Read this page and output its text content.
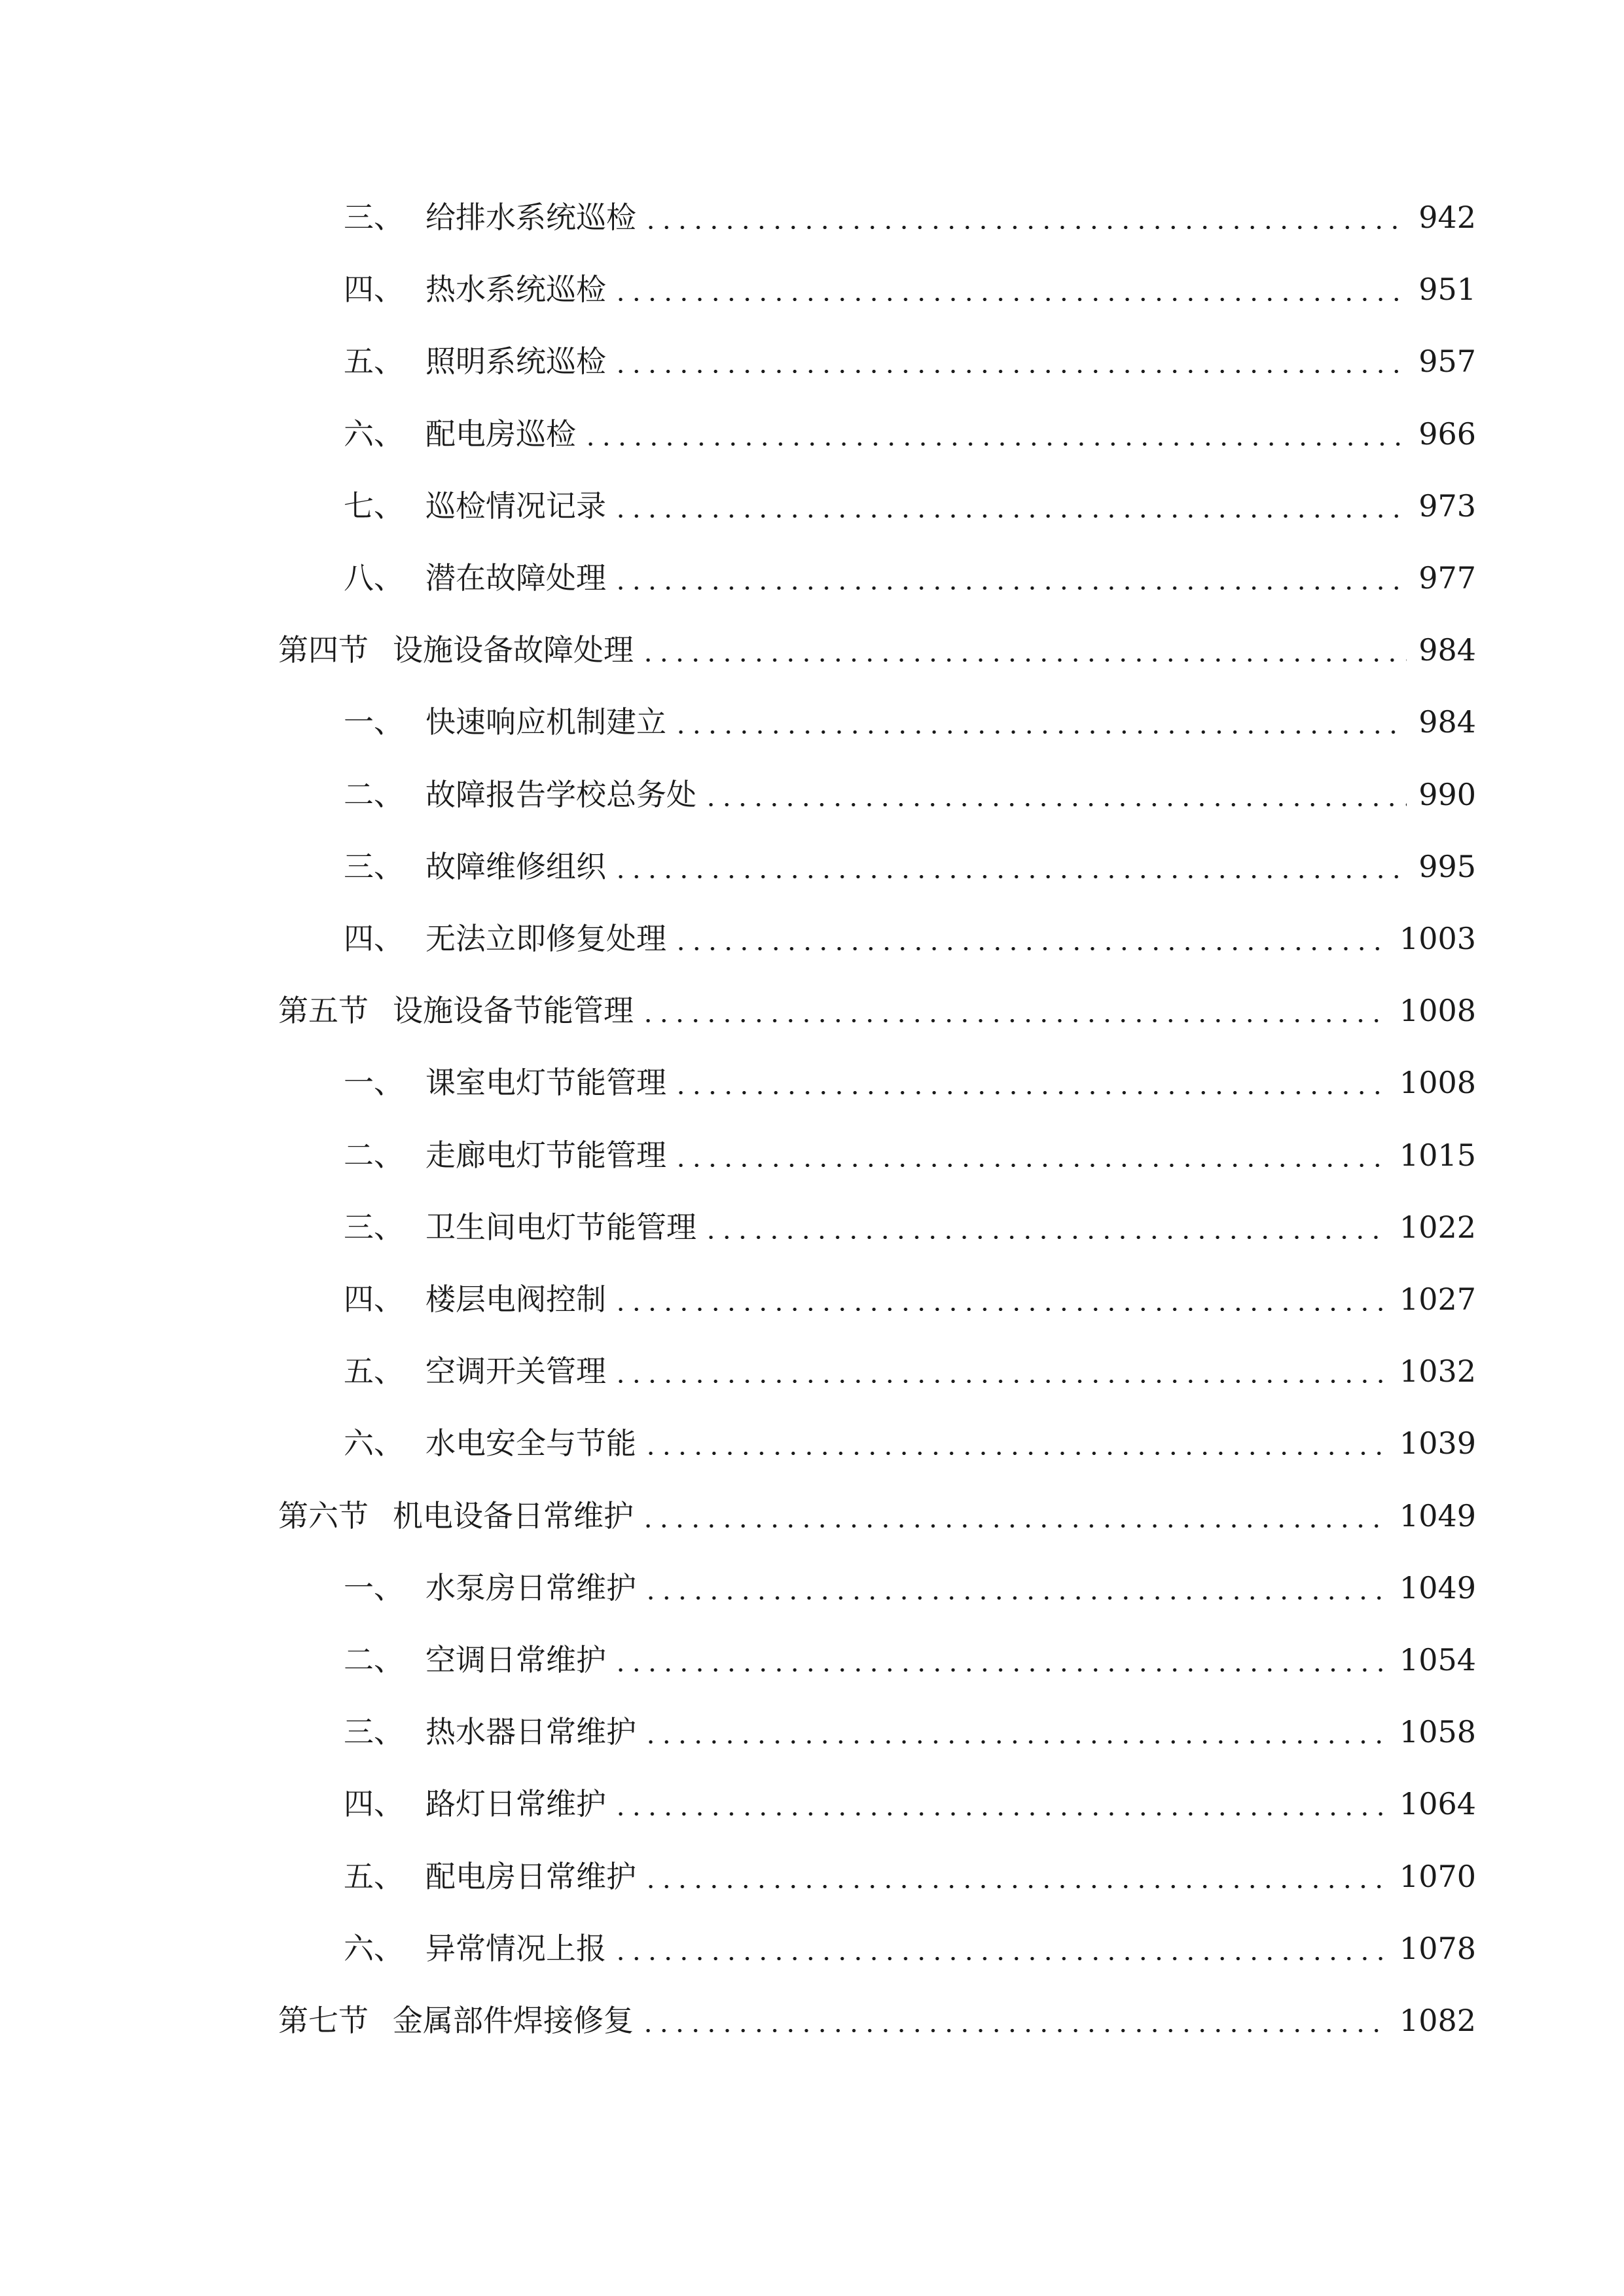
三、 给排水系统巡检	942
四、 热水系统巡检	951
五、 照明系统巡检	957
六、 配电房巡检	966
七、 巡检情况记录	973
八、 潜在故障处理	977
第四节 设施设备故障处理	984
一、 快速响应机制建立	984
二、 故障报告学校总务处	990
三、 故障维修组织	995
四、 无法立即修复处理	1003
第五节 设施设备节能管理	1008
一、 课室电灯节能管理	1008
二、 走廊电灯节能管理	1015
三、 卫生间电灯节能管理	1022
四、 楼层电阀控制	1027
五、 空调开关管理	1032
六、 水电安全与节能	1039
第六节 机电设备日常维护	1049
一、 水泵房日常维护	1049
二、 空调日常维护	1054
三、 热水器日常维护	1058
四、 路灯日常维护	1064
五、 配电房日常维护	1070
六、 异常情况上报	1078
第七节 金属部件焊接修复	1082
